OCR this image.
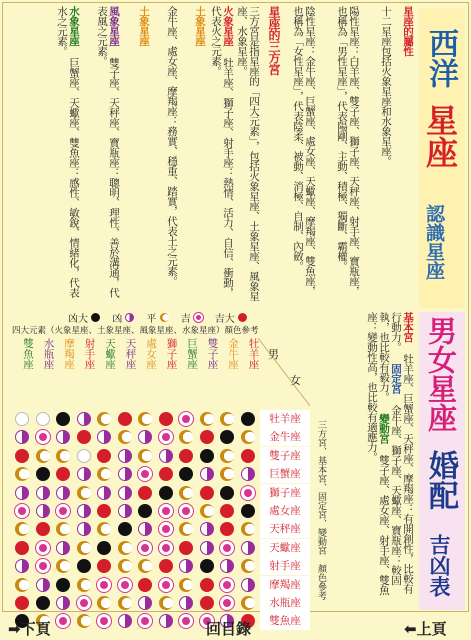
西洋
星座
認識星座
星座的屬性
十二星座包括火象星座和水象星座。
陽性星座：白羊座、雙子座、獅子座、天秤座、射手座、寶瓶座，也稱為「男性星座」，代表陽剛、主動、積極、獨斷、霸權。
陰性星座：金牛座、巨蟹座、處女座、天蠍座、摩羯座、雙魚座，也稱為「女性星座」，代表陰柔、被動、消極、自制、內斂。
星座的三方宮
三方宮是指星座的「四大元素」，包括火象星座、土象星座、風象星座、水象星座。
火象星座 牡羊座、獅子座、射手座：熱情、活力、自信、衝動，代表火之元素。
土象星座
金牛座、處女座、摩羯座：務實、穩重、踏實，代表土之元素。
土象星座
風象星座 雙子座、天秤座、寶瓶座：聰明、理性、善於溝通，代表風之元素。
水象星座 巨蟹座、天蠍座、雙魚座：感性、敏銳、情緒化，代表水之元素。
男女星座
婚配
吉凶表
基本宮 牡羊座、巨蟹座、天秤座、摩羯座：有開創性，比較有行動力。 固定宮 金牛座、獅子座、天蠍座、寶瓶座：較固執，也比較有毅力。 變動宮 雙子座、處女座、射手座、雙魚座：變動性高，也比較有適應力。
凶大	凶	平	吉	吉大
四大元素（火象星座、土象星座、風象星座、水象星座）顏色參考
雙魚座 水瓶座 摩羯座 射手座 天蠍座 天秤座 處女座 獅子座 巨蟹座 雙子座 金牛座 牡羊座
牡羊座
金牛座
雙子座
巨蟹座
獅子座
處女座
天秤座
天蠍座
射手座
摩羯座
水瓶座
雙魚座
男
女
三方宮、基本宮、固定宮、變動宮　顏色參考
➡下頁	回目錄	⬅上頁
